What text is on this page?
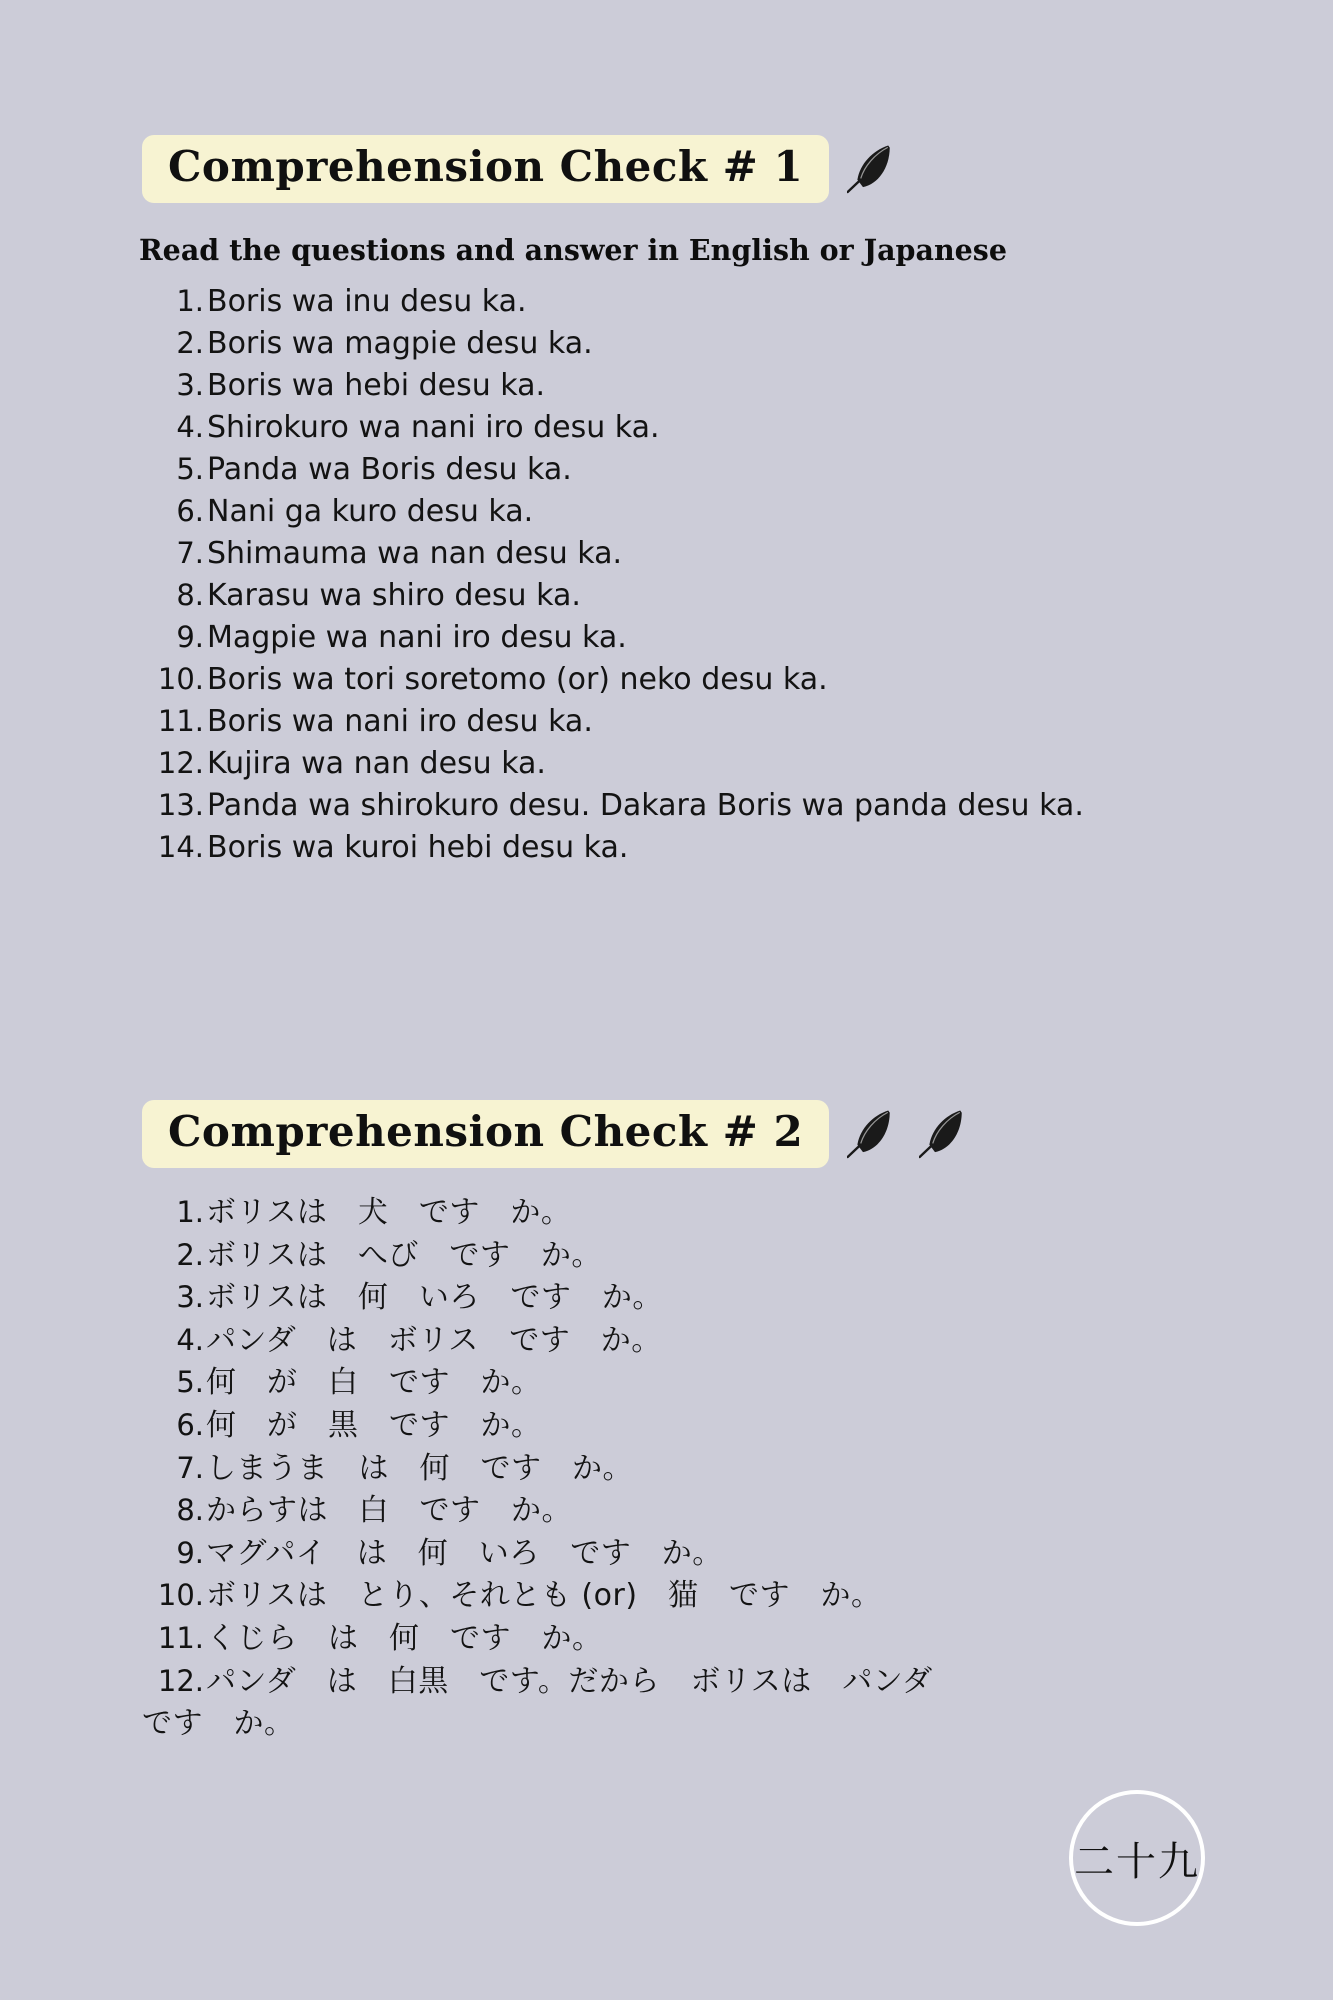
Comprehension Check # 1

Read the questions and answer in English or Japanese

1. Boris wa inu desu ka.
2. Boris wa magpie desu ka.
3. Boris wa hebi desu ka.
4. Shirokuro wa nani iro desu ka.
5. Panda wa Boris desu ka.
6. Nani ga kuro desu ka.
7. Shimauma wa nan desu ka.
8. Karasu wa shiro desu ka.
9. Magpie wa nani iro desu ka.
10. Boris wa tori soretomo (or) neko desu ka.
11. Boris wa nani iro desu ka.
12. Kujira wa nan desu ka.
13. Panda wa shirokuro desu. Dakara Boris wa panda desu ka.
14. Boris wa kuroi hebi desu ka.
Comprehension Check # 2
1. ボリスは　犬　です　か。
2. ボリスは　へび　です　か。
3. ボリスは　何　いろ　です　か。
4. パンダ　は　ボリス　です　か。
5. 何　が　白　です　か。
6. 何　が　黒　です　か。
7. しまうま　は　何　です　か。
8. からすは　白　です　か。
9. マグパイ　は　何　いろ　です　か。
10. ボリスは　とり、それとも (or)　猫　です　か。
11. くじら　は　何　です　か。
12. パンダ　は　白黒　です。だから　ボリスは　パンダ
です　か。
二十九
